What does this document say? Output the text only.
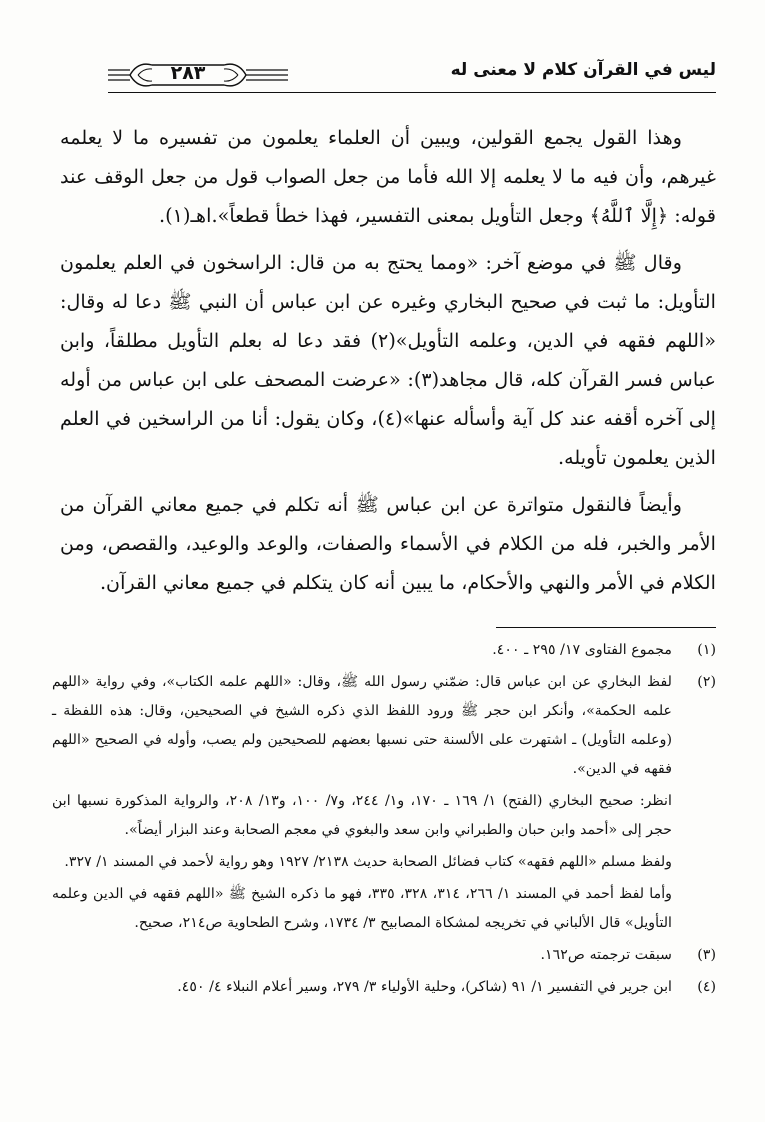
ليس في القرآن كلام لا معنى له
٢٨٣

وهذا القول يجمع القولين، ويبين أن العلماء يعلمون من تفسيره ما لا يعلمه غيرهم، وأن فيه ما لا يعلمه إلا الله فأما من جعل الصواب قول من جعل الوقف عند قوله: ﴿إِلَّا ٱللَّهُ﴾ وجعل التأويل بمعنى التفسير، فهذا خطأ قطعاً».اهـ(١).

وقال ﷺ في موضع آخر: «ومما يحتج به من قال: الراسخون في العلم يعلمون التأويل: ما ثبت في صحيح البخاري وغيره عن ابن عباس أن النبي ﷺ دعا له وقال: «اللهم فقهه في الدين، وعلمه التأويل»(٢) فقد دعا له بعلم التأويل مطلقاً، وابن عباس فسر القرآن كله، قال مجاهد(٣): «عرضت المصحف على ابن عباس من أوله إلى آخره أقفه عند كل آية وأسأله عنها»(٤)، وكان يقول: أنا من الراسخين في العلم الذين يعلمون تأويله.

وأيضاً فالنقول متواترة عن ابن عباس ﷺ أنه تكلم في جميع معاني القرآن من الأمر والخبر، فله من الكلام في الأسماء والصفات، والوعد والوعيد، والقصص، ومن الكلام في الأمر والنهي والأحكام، ما يبين أنه كان يتكلم في جميع معاني القرآن.

(١)

مجموع الفتاوى ١٧/ ٢٩٥ ـ ٤٠٠.

(٢)

لفظ البخاري عن ابن عباس قال: ضمّني رسول الله ﷺ، وقال: «اللهم علمه الكتاب»، وفي رواية «اللهم علمه الحكمة»، وأنكر ابن حجر ﷺ ورود اللفظ الذي ذكره الشيخ في الصحيحين، وقال: هذه اللفظة ـ (وعلمه التأويل) ـ اشتهرت على الألسنة حتى نسبها بعضهم للصحيحين ولم يصب، وأوله في الصحيح «اللهم فقهه في الدين».

انظر: صحيح البخاري (الفتح) ١/ ١٦٩ ـ ١٧٠، و١/ ٢٤٤، و٧/ ١٠٠، و١٣/ ٢٠٨، والرواية المذكورة نسبها ابن حجر إلى «أحمد وابن حبان والطبراني وابن سعد والبغوي في معجم الصحابة وعند البزار أيضاً».

ولفظ مسلم «اللهم فقهه» كتاب فضائل الصحابة حديث ٢١٣٨/ ١٩٢٧ وهو رواية لأحمد في المسند ١/ ٣٢٧.

وأما لفظ أحمد في المسند ١/ ٢٦٦، ٣١٤، ٣٢٨، ٣٣٥، فهو ما ذكره الشيخ ﷺ «اللهم فقهه في الدين وعلمه التأويل» قال الألباني في تخريجه لمشكاة المصابيح ٣/ ١٧٣٤، وشرح الطحاوية ص٢١٤، صحيح.

(٣)

سبقت ترجمته ص١٦٢.

(٤)

ابن جرير في التفسير ١/ ٩١ (شاكر)، وحلية الأولياء ٣/ ٢٧٩، وسير أعلام النبلاء ٤/ ٤٥٠.
